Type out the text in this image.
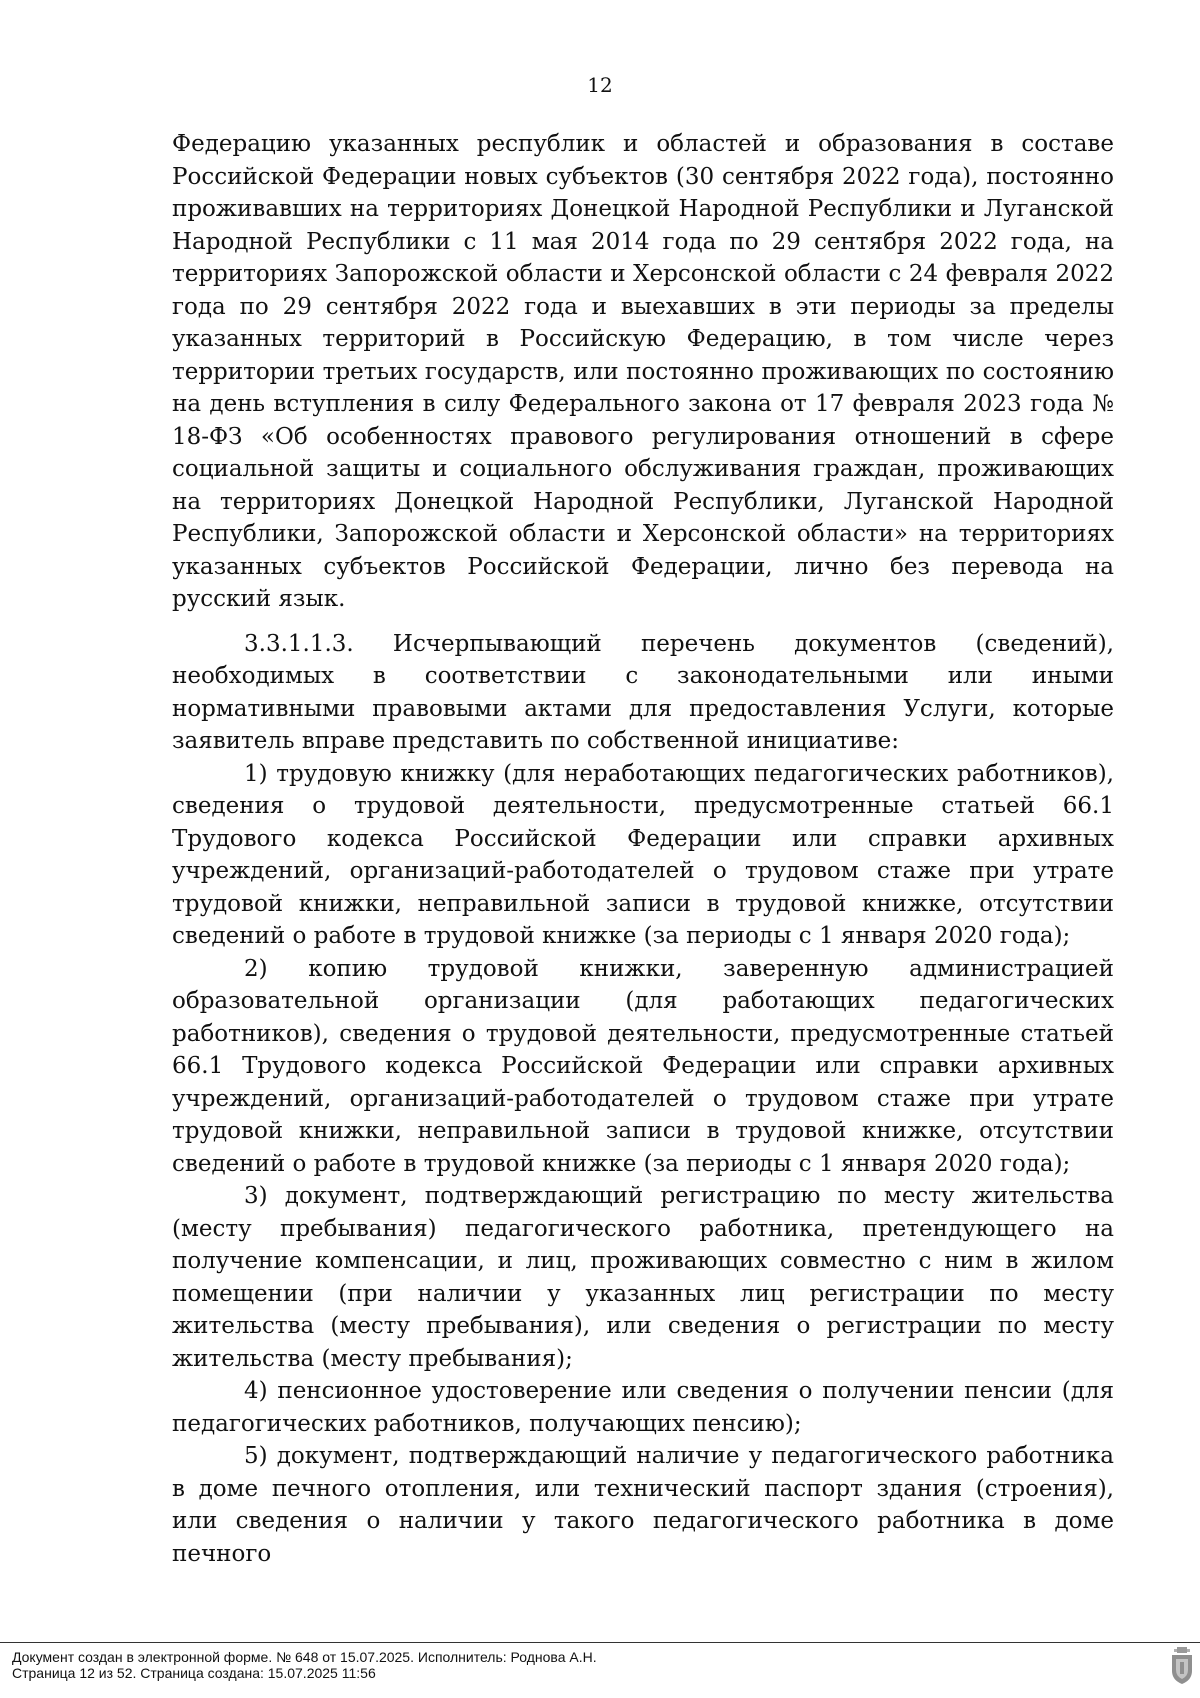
12

Федерацию указанных республик и областей и образования в составе Российской Федерации новых субъектов (30 сентября 2022 года), постоянно проживавших на территориях Донецкой Народной Республики и Луганской Народной Республики с 11 мая 2014 года по 29 сентября 2022 года, на территориях Запорожской области и Херсонской области с 24 февраля 2022 года по 29 сентября 2022 года и выехавших в эти периоды за пределы указанных территорий в Российскую Федерацию, в том числе через территории третьих государств, или постоянно проживающих по состоянию на день вступления в силу Федерального закона от 17 февраля 2023 года № 18-ФЗ «Об особенностях правового регулирования отношений в сфере социальной защиты и социального обслуживания граждан, проживающих на территориях Донецкой Народной Республики, Луганской Народной Республики, Запорожской области и Херсонской области» на территориях указанных субъектов Российской Федерации, лично без перевода на русский язык.

3.3.1.1.3. Исчерпывающий перечень документов (сведений), необходимых в соответствии с законодательными или иными нормативными правовыми актами для предоставления Услуги, которые заявитель вправе представить по собственной инициативе:

1) трудовую книжку (для неработающих педагогических работников), сведения о трудовой деятельности, предусмотренные статьей 66.1 Трудового кодекса Российской Федерации или справки архивных учреждений, организаций-работодателей о трудовом стаже при утрате трудовой книжки, неправильной записи в трудовой книжке, отсутствии сведений о работе в трудовой книжке (за периоды с 1 января 2020 года);

2) копию трудовой книжки, заверенную администрацией образовательной организации (для работающих педагогических работников), сведения о трудовой деятельности, предусмотренные статьей 66.1 Трудового кодекса Российской Федерации или справки архивных учреждений, организаций-работодателей о трудовом стаже при утрате трудовой книжки, неправильной записи в трудовой книжке, отсутствии сведений о работе в трудовой книжке (за периоды с 1 января 2020 года);

3) документ, подтверждающий регистрацию по месту жительства (месту пребывания) педагогического работника, претендующего на получение компенсации, и лиц, проживающих совместно с ним в жилом помещении (при наличии у указанных лиц регистрации по месту жительства (месту пребывания), или сведения о регистрации по месту жительства (месту пребывания);

4) пенсионное удостоверение или сведения о получении пенсии (для педагогических работников, получающих пенсию);

5) документ, подтверждающий наличие у педагогического работника в доме печного отопления, или технический паспорт здания (строения), или сведения о наличии у такого педагогического работника в доме печного

Документ создан в электронной форме. № 648 от 15.07.2025. Исполнитель: Роднова А.Н.
Страница 12 из 52. Страница создана: 15.07.2025 11:56
